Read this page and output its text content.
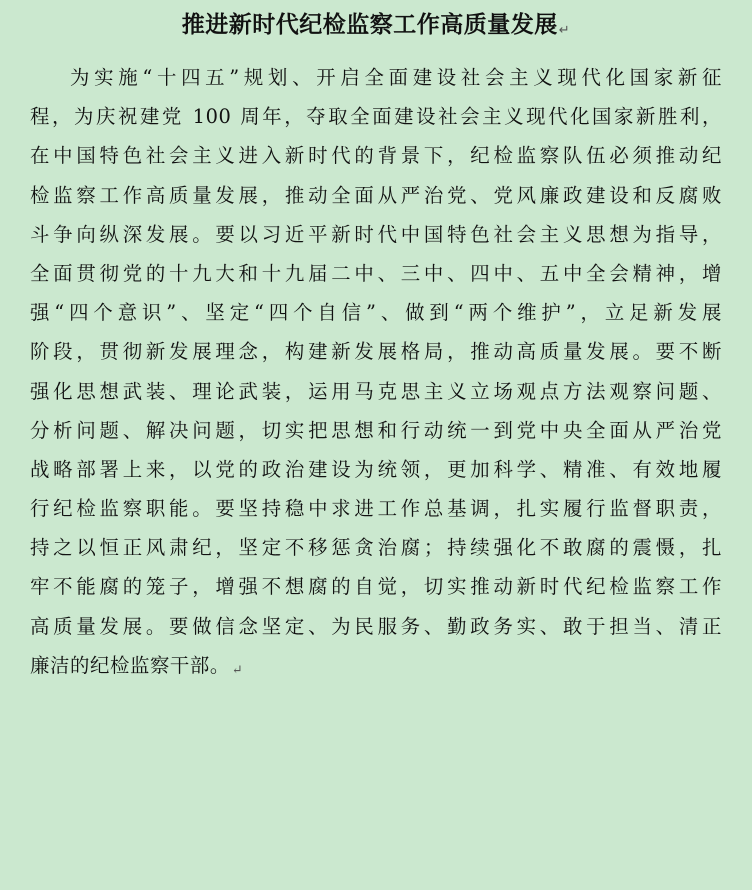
推进新时代纪检监察工作高质量发展↵
为实施“十四五”规划、开启全面建设社会主义现代化国家新征
程，为庆祝建党 100 周年，夺取全面建设社会主义现代化国家新胜利，
在中国特色社会主义进入新时代的背景下，纪检监察队伍必须推动纪
检监察工作高质量发展，推动全面从严治党、党风廉政建设和反腐败
斗争向纵深发展。要以习近平新时代中国特色社会主义思想为指导，
全面贯彻党的十九大和十九届二中、三中、四中、五中全会精神，增
强“四个意识”、坚定“四个自信”、做到“两个维护”，立足新发展
阶段，贯彻新发展理念，构建新发展格局，推动高质量发展。要不断
强化思想武装、理论武装，运用马克思主义立场观点方法观察问题、
分析问题、解决问题，切实把思想和行动统一到党中央全面从严治党
战略部署上来，以党的政治建设为统领，更加科学、精准、有效地履
行纪检监察职能。要坚持稳中求进工作总基调，扎实履行监督职责，
持之以恒正风肃纪，坚定不移惩贪治腐；持续强化不敢腐的震慑，扎
牢不能腐的笼子，增强不想腐的自觉，切实推动新时代纪检监察工作
高质量发展。要做信念坚定、为民服务、勤政务实、敢于担当、清正
廉洁的纪检监察干部。 ↵
